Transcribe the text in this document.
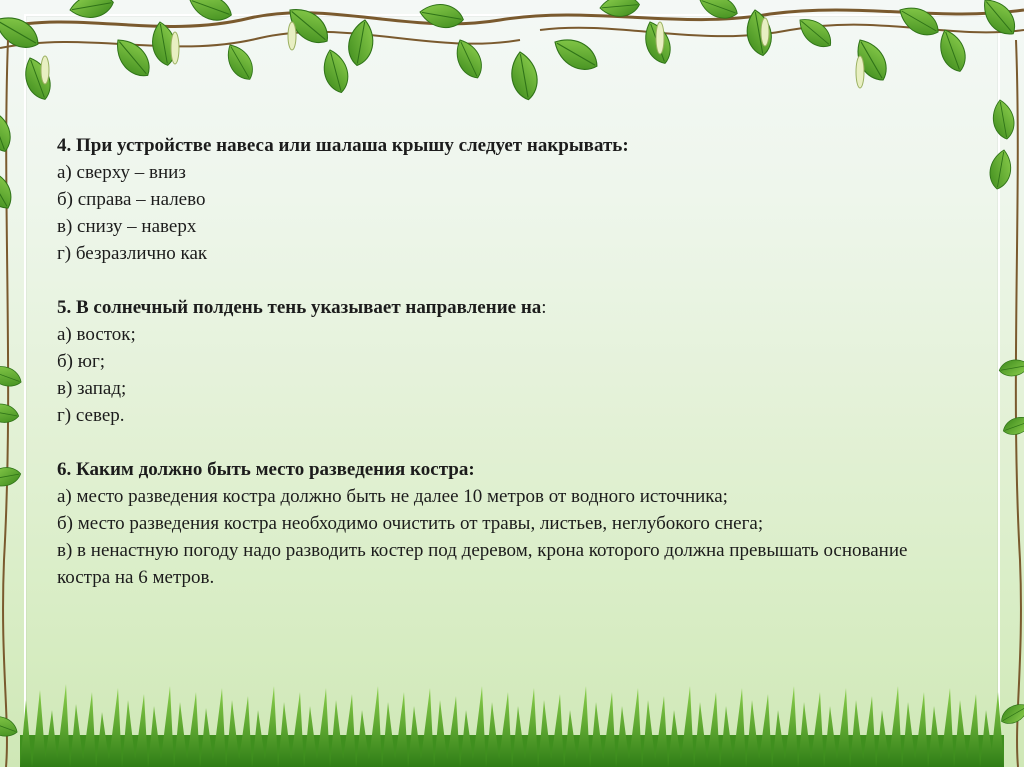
4. При устройстве навеса или шалаша крышу следует накрывать:
а) сверху – вниз
б) справа – налево
в) снизу – наверх
г) безразлично как
5. В солнечный полдень тень указывает направление на:
а) восток;
б) юг;
в) запад;
г) север.
6. Каким должно быть место разведения костра:
а) место разведения костра должно быть не далее 10 метров от водного источника;
б) место разведения костра необходимо очистить от травы, листьев, неглубокого снега;
в) в ненастную погоду надо разводить костер под деревом, крона которого должна превышать основание костра на 6 метров.
